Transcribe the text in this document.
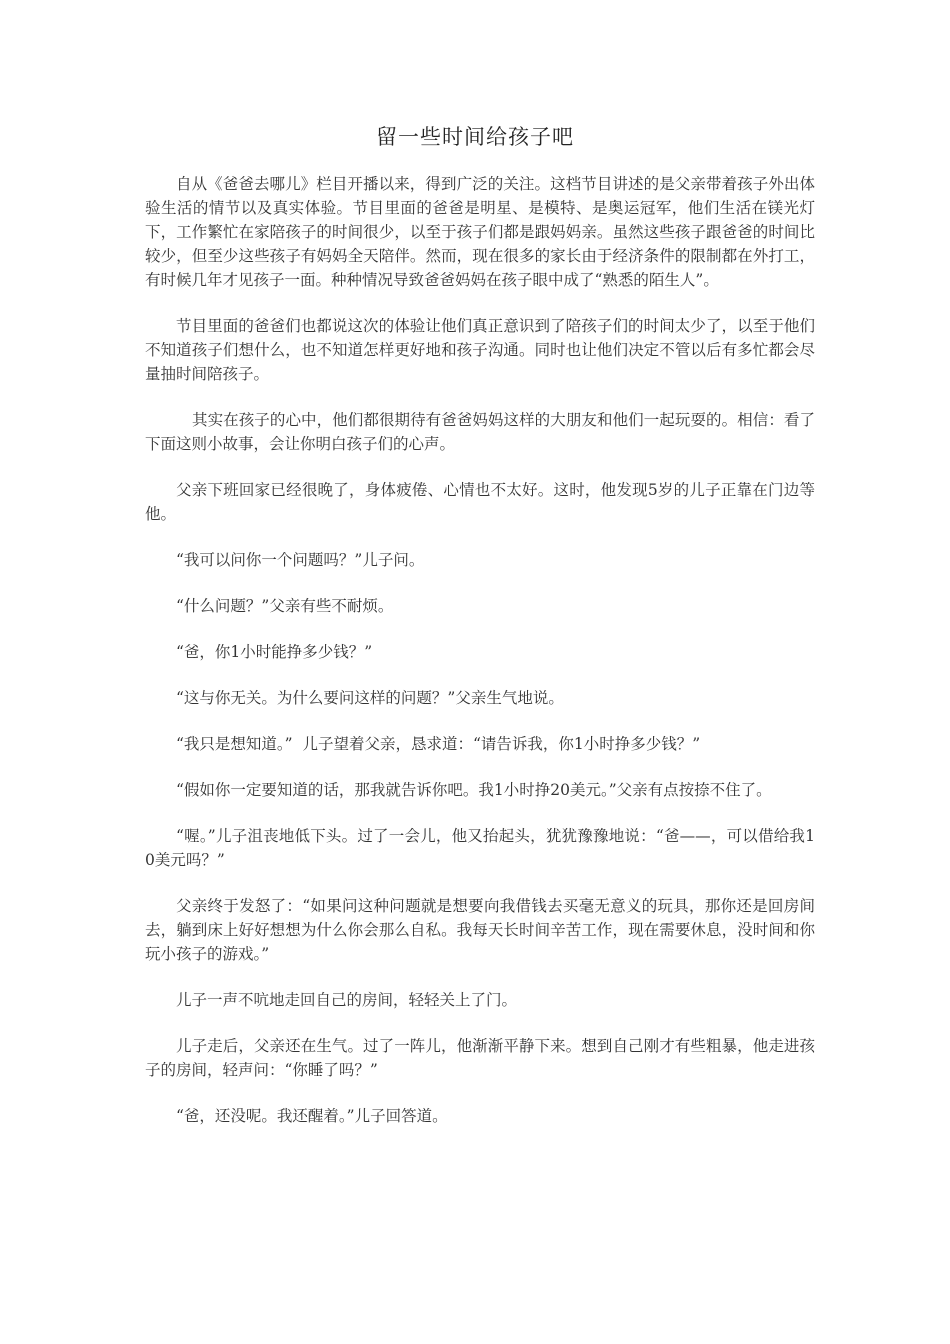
留一些时间给孩子吧

自从《爸爸去哪儿》栏目开播以来，得到广泛的关注。这档节目讲述的是父亲带着孩子外出体验生活的情节以及真实体验。节目里面的爸爸是明星、是模特、是奥运冠军，他们生活在镁光灯下，工作繁忙在家陪孩子的时间很少，以至于孩子们都是跟妈妈亲。虽然这些孩子跟爸爸的时间比较少，但至少这些孩子有妈妈全天陪伴。然而，现在很多的家长由于经济条件的限制都在外打工，有时候几年才见孩子一面。种种情况导致爸爸妈妈在孩子眼中成了“熟悉的陌生人”。

节目里面的爸爸们也都说这次的体验让他们真正意识到了陪孩子们的时间太少了，以至于他们不知道孩子们想什么，也不知道怎样更好地和孩子沟通。同时也让他们决定不管以后有多忙都会尽量抽时间陪孩子。

其实在孩子的心中，他们都很期待有爸爸妈妈这样的大朋友和他们一起玩耍的。相信：看了下面这则小故事，会让你明白孩子们的心声。

父亲下班回家已经很晚了，身体疲倦、心情也不太好。这时，他发现5岁的儿子正靠在门边等他。

“我可以问你一个问题吗？”儿子问。

“什么问题？”父亲有些不耐烦。

“爸，你1小时能挣多少钱？”

“这与你无关。为什么要问这样的问题？”父亲生气地说。

“我只是想知道。”  儿子望着父亲，恳求道：“请告诉我，你1小时挣多少钱？”

“假如你一定要知道的话，那我就告诉你吧。我1小时挣20美元。”父亲有点按捺不住了。

“喔。”儿子沮丧地低下头。过了一会儿，他又抬起头，犹犹豫豫地说：“爸——，可以借给我10美元吗？”

父亲终于发怒了：“如果问这种问题就是想要向我借钱去买毫无意义的玩具，那你还是回房间去，躺到床上好好想想为什么你会那么自私。我每天长时间辛苦工作，现在需要休息，没时间和你玩小孩子的游戏。”

儿子一声不吭地走回自己的房间，轻轻关上了门。

儿子走后，父亲还在生气。过了一阵儿，他渐渐平静下来。想到自己刚才有些粗暴，他走进孩子的房间，轻声问：“你睡了吗？”

“爸，还没呢。我还醒着。”儿子回答道。
